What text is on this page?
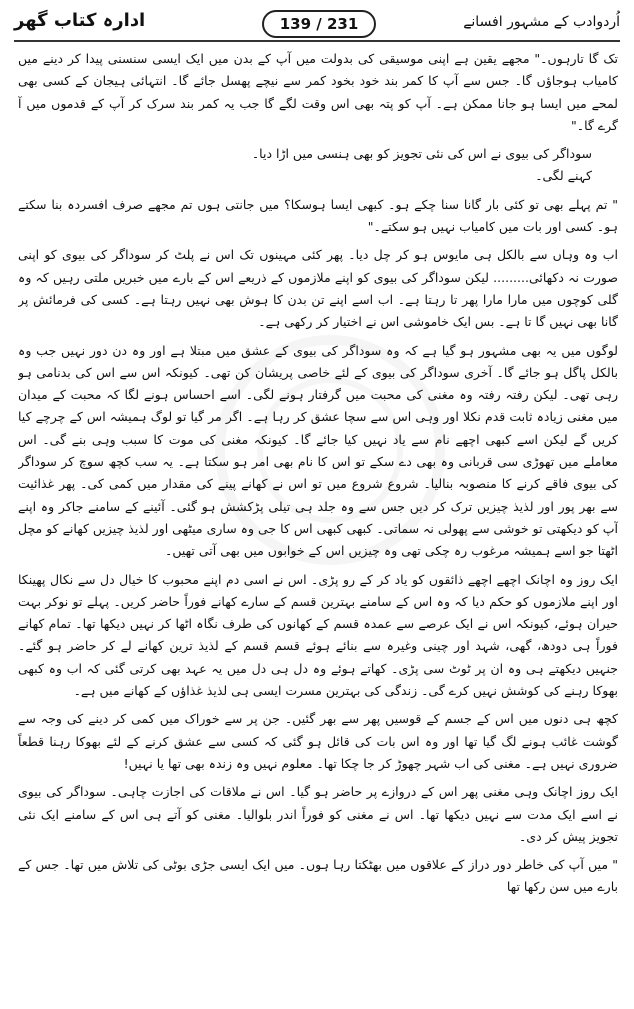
اُردوادب کے مشہور افسانے
139 / 231
ادارہ کتاب گھر

تک گا تارہوں۔" مجھے یقین ہے اپنی موسیقی کی بدولت میں آپ کے بدن میں ایک ایسی سنسنی پیدا کر دینے میں کامیاب ہوجاؤں گا۔ جس سے آپ کا کمر بند خود بخود کمر سے نیچے پھسل جائے گا۔ انتہائی ہیجان کے کسی بھی لمحے میں ایسا ہو جانا ممکن ہے۔ آپ کو پتہ بھی اس وقت لگے گا جب یہ کمر بند سرک کر آپ کے قدموں میں آ گرے گا۔"

سوداگر کی بیوی نے اس کی نئی تجویز کو بھی ہنسی میں اڑا دیا۔

کہنے لگی۔

" تم پہلے بھی تو کئی بار گانا سنا چکے ہو۔ کبھی ایسا ہوسکا؟ میں جانتی ہوں تم مجھے صرف افسردہ بنا سکتے ہو۔ کسی اور بات میں کامیاب نہیں ہو سکتے۔"

اب وہ وہاں سے بالکل ہی مایوس ہو کر چل دیا۔ پھر کئی مہینوں تک اس نے پلٹ کر سوداگر کی بیوی کو اپنی صورت نہ دکھائی......... لیکن سوداگر کی بیوی کو اپنے ملازموں کے ذریعے اس کے بارے میں خبریں ملتی رہیں کہ وہ گلی کوچوں میں مارا مارا پھر تا رہتا ہے۔ اب اسے اپنے تن بدن کا ہوش بھی نہیں رہتا ہے۔ کسی کی فرمائش پر گانا بھی نہیں گا تا ہے۔ بس ایک خاموشی اس نے اختیار کر رکھی ہے۔

لوگوں میں یہ بھی مشہور ہو گیا ہے کہ وہ سوداگر کی بیوی کے عشق میں مبتلا ہے اور وہ دن دور نہیں جب وہ بالکل پاگل ہو جائے گا۔ آخری سوداگر کی بیوی کے لئے خاصی پریشان کن تھی۔ کیونکہ اس سے اس کی بدنامی ہو رہی تھی۔ لیکن رفتہ رفتہ وہ مغنی کی محبت میں گرفتار ہونے لگی۔ اسے احساس ہونے لگا کہ محبت کے میدان میں مغنی زیادہ ثابت قدم نکلا اور وہی اس سے سچا عشق کر رہا ہے۔ اگر مر گیا تو لوگ ہمیشہ اس کے چرچے کیا کریں گے لیکن اسے کبھی اچھے نام سے یاد نہیں کیا جائے گا۔ کیونکہ مغنی کی موت کا سبب وہی بنے گی۔ اس معاملے میں تھوڑی سی قربانی وہ بھی دے سکے تو اس کا نام بھی امر ہو سکتا ہے۔ یہ سب کچھ سوچ کر سوداگر کی بیوی فاقے کرنے کا منصوبہ بنالیا۔ شروع شروع میں تو اس نے کھانے پینے کی مقدار میں کمی کی۔ پھر غذائیت سے بھر پور اور لذیذ چیزیں ترک کر دیں جس سے وہ جلد ہی تیلی پڑکشش ہو گئی۔ آئینے کے سامنے جاکر وہ اپنے آپ کو دیکھتی تو خوشی سے پھولی نہ سماتی۔ کبھی کبھی اس کا جی وہ ساری میٹھی اور لذیذ چیزیں کھانے کو مچل اٹھتا جو اسے ہمیشہ مرغوب رہ چکی تھی وہ چیزیں اس کے خوابوں میں بھی آتی تھیں۔

ایک روز وہ اچانک اچھے اچھے ذائقوں کو یاد کر کے رو پڑی۔ اس نے اسی دم اپنے محبوب کا خیال دل سے نکال پھینکا اور اپنے ملازموں کو حکم دیا کہ وہ اس کے سامنے بہترین قسم کے سارے کھانے فوراً حاضر کریں۔ پہلے تو نوکر بہت حیران ہوئے، کیونکہ اس نے ایک عرصے سے عمدہ قسم کے کھانوں کی طرف نگاہ اٹھا کر نہیں دیکھا تھا۔ تمام کھانے فوراً ہی دودھ، گھی، شہد اور چینی وغیرہ سے بنائے ہوئے قسم قسم کے لذیذ ترین کھانے لے کر حاضر ہو گئے۔ جنہیں دیکھتے ہی وہ ان پر ٹوٹ سی پڑی۔ کھاتے ہوئے وہ دل ہی دل میں یہ عہد بھی کرتی گئی کہ اب وہ کبھی بھوکا رہنے کی کوشش نہیں کرے گی۔ زندگی کی بہترین مسرت ایسی ہی لذیذ غذاؤں کے کھانے میں ہے۔

کچھ ہی دنوں میں اس کے جسم کے قوسیں پھر سے بھر گئیں۔ جن پر سے خوراک میں کمی کر دینے کی وجہ سے گوشت غائب ہونے لگ گیا تھا اور وہ اس بات کی قائل ہو گئی کہ کسی سے عشق کرنے کے لئے بھوکا رہنا قطعاً ضروری نہیں ہے۔ مغنی کی اب شہر چھوڑ کر جا چکا تھا۔ معلوم نہیں وہ زندہ بھی تھا یا نہیں!

ایک روز اچانک وہی مغنی پھر اس کے دروازے پر حاضر ہو گیا۔ اس نے ملاقات کی اجازت چاہی۔ سوداگر کی بیوی نے اسے ایک مدت سے نہیں دیکھا تھا۔ اس نے مغنی کو فوراً اندر بلوالیا۔ مغنی کو آتے ہی اس کے سامنے ایک نئی تجویز پیش کر دی۔

" میں آپ کی خاطر دور دراز کے علاقوں میں بھٹکتا رہا ہوں۔ میں ایک ایسی جڑی بوٹی کی تلاش میں تھا۔ جس کے بارے میں سن رکھا تھا
